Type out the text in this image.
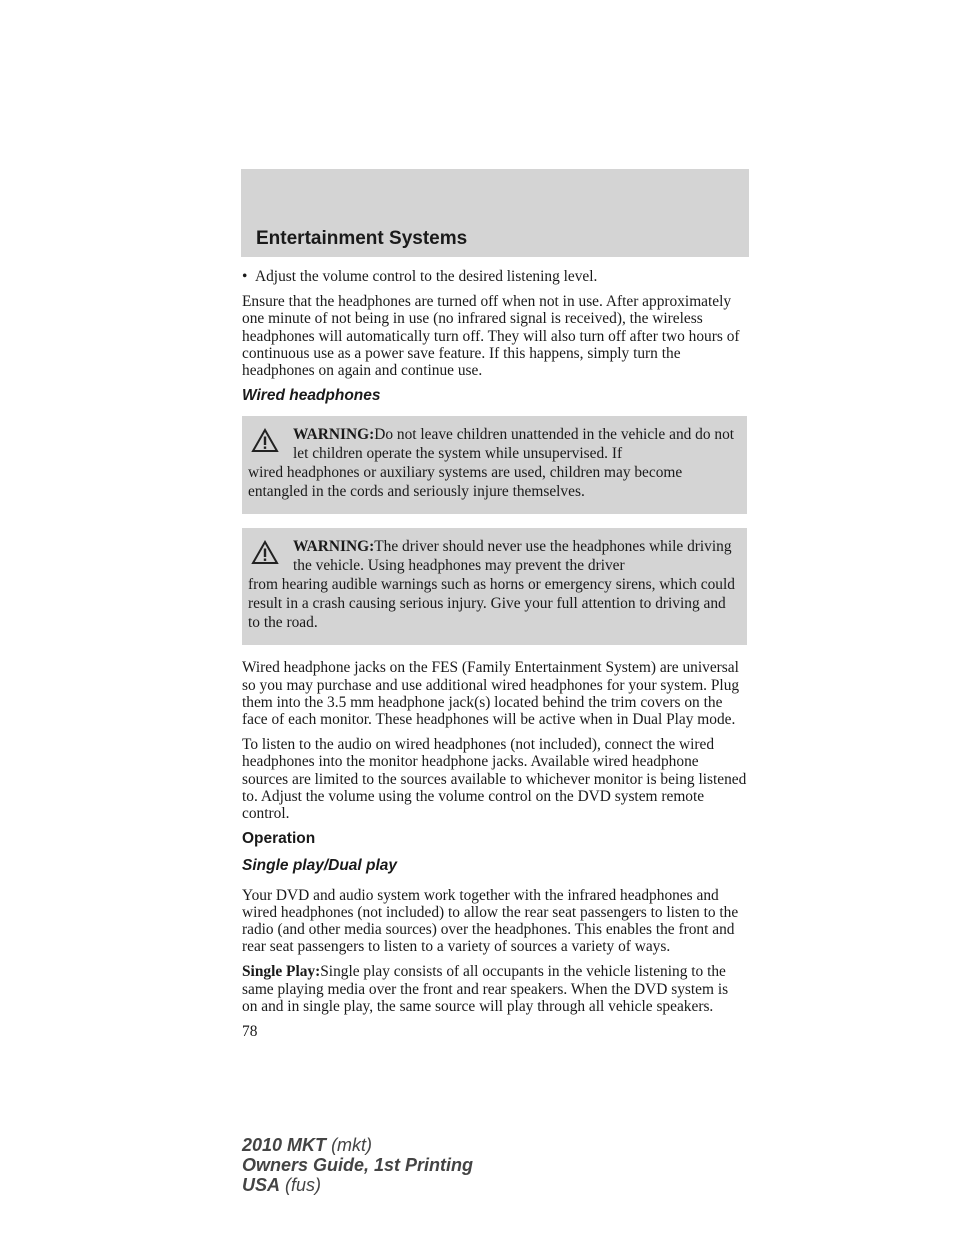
Entertainment Systems
• Adjust the volume control to the desired listening level.

Ensure that the headphones are turned off when not in use. After approximately one minute of not being in use (no infrared signal is received), the wireless headphones will automatically turn off. They will also turn off after two hours of continuous use as a power save feature. If this happens, simply turn the headphones on again and continue use.

Wired headphones
WARNING:Do not leave children unattended in the vehicle and do not let children operate the system while unsupervised. If
wired headphones or auxiliary systems are used, children may become entangled in the cords and seriously injure themselves.
WARNING:The driver should never use the headphones while driving the vehicle. Using headphones may prevent the driver
from hearing audible warnings such as horns or emergency sirens, which could result in a crash causing serious injury. Give your full attention to driving and to the road.

Wired headphone jacks on the FES (Family Entertainment System) are universal so you may purchase and use additional wired headphones for your system. Plug them into the 3.5 mm headphone jack(s) located behind the trim covers on the face of each monitor. These headphones will be active when in Dual Play mode.

To listen to the audio on wired headphones (not included), connect the wired headphones into the monitor headphone jacks. Available wired headphone sources are limited to the sources available to whichever monitor is being listened to. Adjust the volume using the volume control on the DVD system remote control.

Operation
Single play/Dual play

Your DVD and audio system work together with the infrared headphones and wired headphones (not included) to allow the rear seat passengers to listen to the radio (and other media sources) over the headphones. This enables the front and rear seat passengers to listen to a variety of sources a variety of ways.

Single Play:Single play consists of all occupants in the vehicle listening to the same playing media over the front and rear speakers. When the DVD system is on and in single play, the same source will play through all vehicle speakers.

78
2010 MKT (mkt)
Owners Guide, 1st Printing
USA (fus)
